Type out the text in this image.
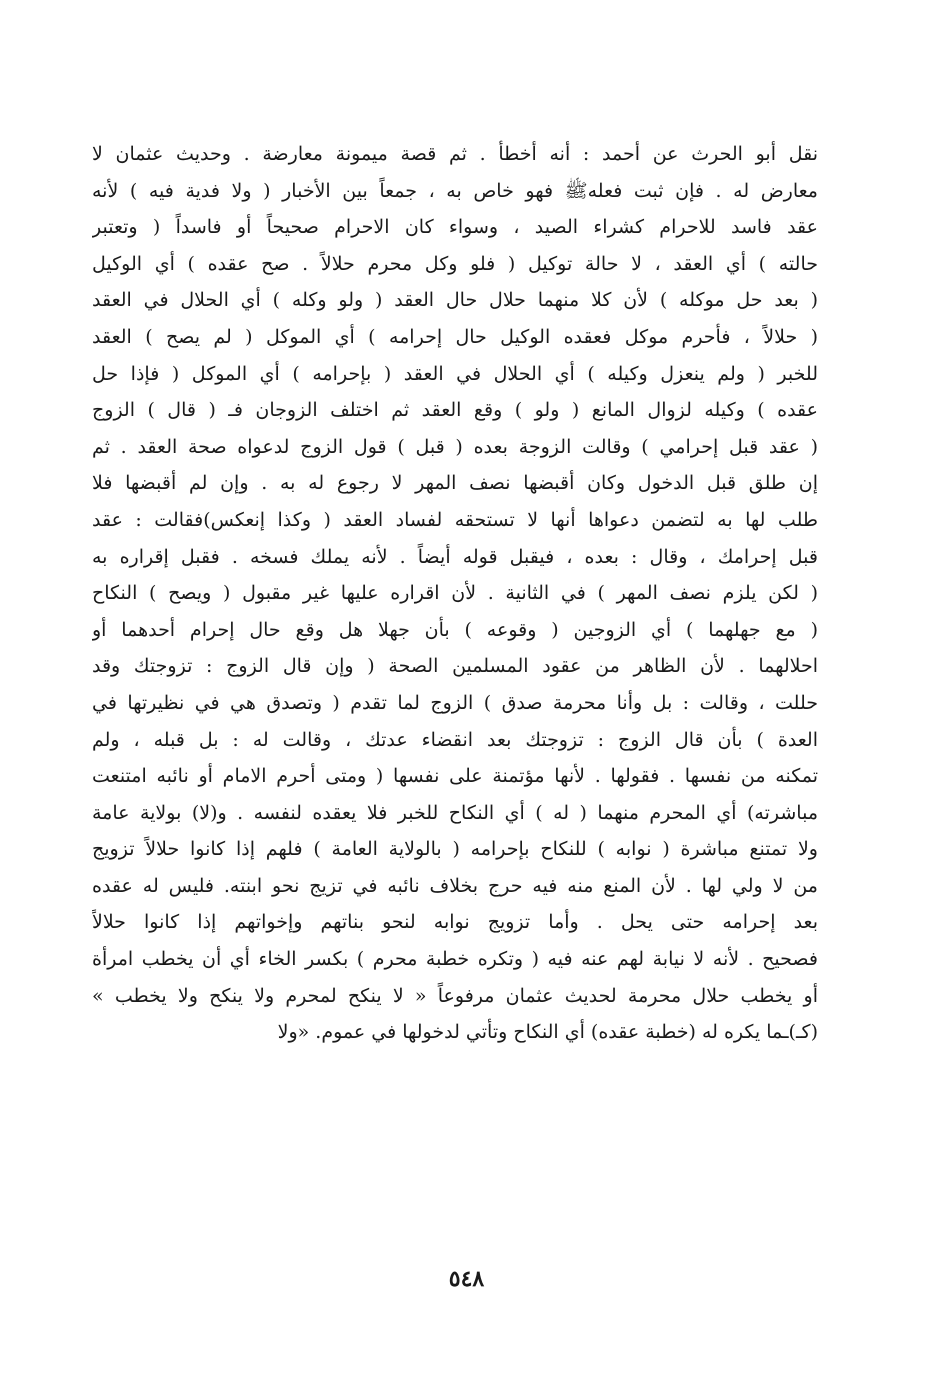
نقل أبو الحرث عن أحمد : أنه أخطأ . ثم قصة ميمونة معارضة . وحديث عثمان لا
معارض له . فإن ثبت فعلهﷺ فهو خاص به ، جمعاً بين الأخبار ( ولا فدية فيه ) لأنه
عقد فاسد للاحرام كشراء الصيد ، وسواء كان الاحرام صحيحاً أو فاسداً ( وتعتبر
حالته ) أي العقد ، لا حالة توكيل ( فلو وكل محرم حلالاً . صح عقده ) أي الوكيل
( بعد حل موكله ) لأن كلا منهما حلال حال العقد ( ولو وكله ) أي الحلال في العقد
( حلالاً ، فأحرم موكل فعقده الوكيل حال إحرامه ) أي الموكل ( لم يصح ) العقد
للخبر ( ولم ينعزل وكيله ) أي الحلال في العقد ( بإحرامه ) أي الموكل ( فإذا حل
عقده ) وكيله لزوال المانع ( ولو ) وقع العقد ثم اختلف الزوجان فـ ( قال ) الزوج
( عقد قبل إحرامي ) وقالت الزوجة بعده ( قبل ) قول الزوج لدعواه صحة العقد . ثم
إن طلق قبل الدخول وكان أقبضها نصف المهر لا رجوع له به . وإن لم أقبضها فلا
طلب لها به لتضمن دعواها أنها لا تستحقه لفساد العقد ( وكذا إنعكس)فقالت : عقد
قبل إحرامك ، وقال : بعده ، فيقبل قوله أيضاً . لأنه يملك فسخه . فقبل إقراره به
( لكن يلزم نصف المهر ) في الثانية . لأن اقراره عليها غير مقبول ( ويصح ) النكاح
( مع جهلهما ) أي الزوجين ( وقوعه ) بأن جهلا هل وقع حال إحرام أحدهما أو
احلالهما . لأن الظاهر من عقود المسلمين الصحة ( وإن قال الزوج : تزوجتك وقد
حللت ، وقالت : بل وأنا محرمة صدق ) الزوج لما تقدم ( وتصدق هي في نظيرتها في
العدة ) بأن قال الزوج : تزوجتك بعد انقضاء عدتك ، وقالت له : بل قبله ، ولم
تمكنه من نفسها . فقولها . لأنها مؤتمنة على نفسها ( ومتى أحرم الامام أو نائبه امتنعت
مباشرته) أي المحرم منهما ( له ) أي النكاح للخبر فلا يعقده لنفسه . و(لا) بولاية عامة
ولا تمتنع مباشرة ( نوابه ) للنكاح بإحرامه ( بالولاية العامة ) فلهم إذا كانوا حلالاً تزويج
من لا ولي لها . لأن المنع منه فيه حرج بخلاف نائبه في تزيج نحو ابنته. فليس له عقده
بعد إحرامه حتى يحل . وأما تزويج نوابه لنحو بناتهم وإخواتهم إذا كانوا حلالاً
فصحيح . لأنه لا نيابة لهم عنه فيه ( وتكره خطبة محرم ) بكسر الخاء أي أن يخطب امرأة
أو يخطب حلال محرمة لحديث عثمان مرفوعاً « لا ينكح لمحرم ولا ينكح ولا يخطب »
(كـ)ـما يكره له (خطبة عقده) أي النكاح وتأتي لدخولها في عموم. «ولا
٥٤٨
